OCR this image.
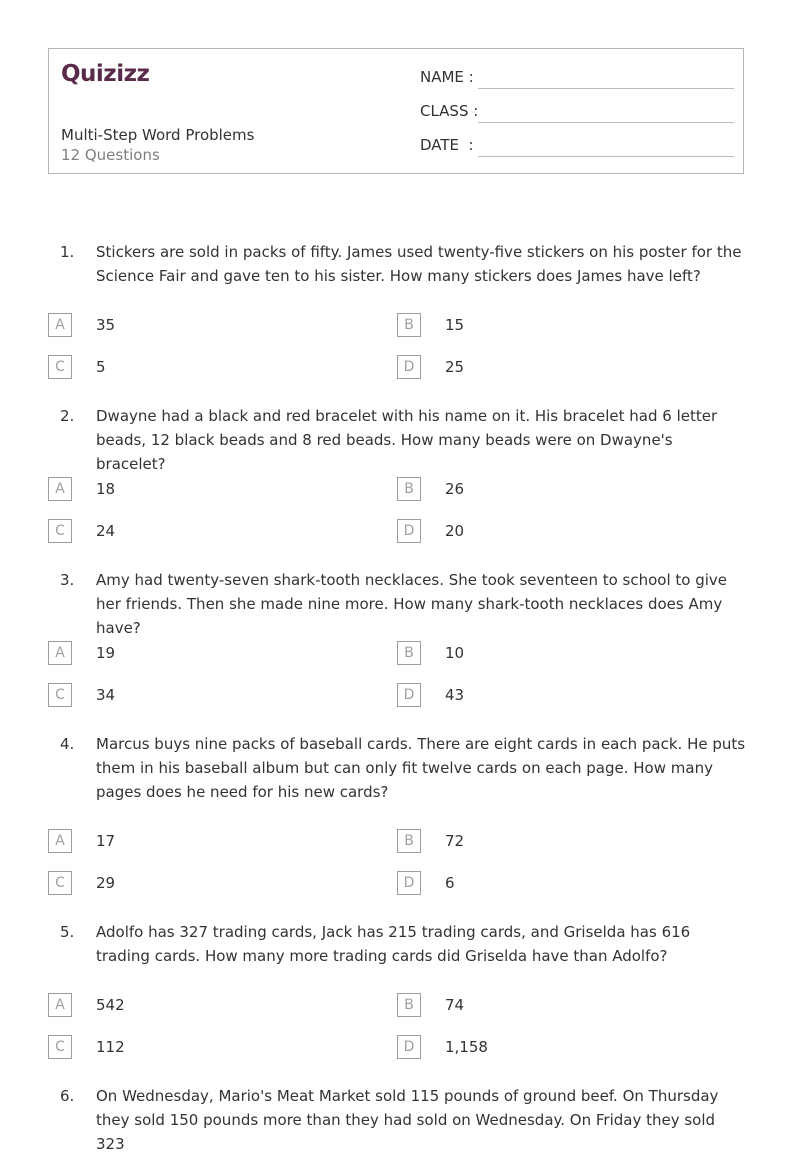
Quizizz
Multi-Step Word Problems
12 Questions
NAME :
CLASS :
DATE  :
1. Stickers are sold in packs of fifty. James used twenty-five stickers on his poster for the Science Fair and gave ten to his sister. How many stickers does James have left?
A	35	B	15
C	5	D	25
2. Dwayne had a black and red bracelet with his name on it. His bracelet had 6 letter beads, 12 black beads and 8 red beads. How many beads were on Dwayne's bracelet?
A	18	B	26
C	24	D	20
3. Amy had twenty-seven shark-tooth necklaces. She took seventeen to school to give her friends. Then she made nine more. How many shark-tooth necklaces does Amy have?
A	19	B	10
C	34	D	43
4. Marcus buys nine packs of baseball cards. There are eight cards in each pack. He puts them in his baseball album but can only fit twelve cards on each page. How many pages does he need for his new cards?
A	17	B	72
C	29	D	6
5. Adolfo has 327 trading cards, Jack has 215 trading cards, and Griselda has 616 trading cards. How many more trading cards did Griselda have than Adolfo?
A	542	B	74
C	112	D	1,158
6. On Wednesday, Mario's Meat Market sold 115 pounds of ground beef. On Thursday they sold 150 pounds more than they had sold on Wednesday. On Friday they sold 323
